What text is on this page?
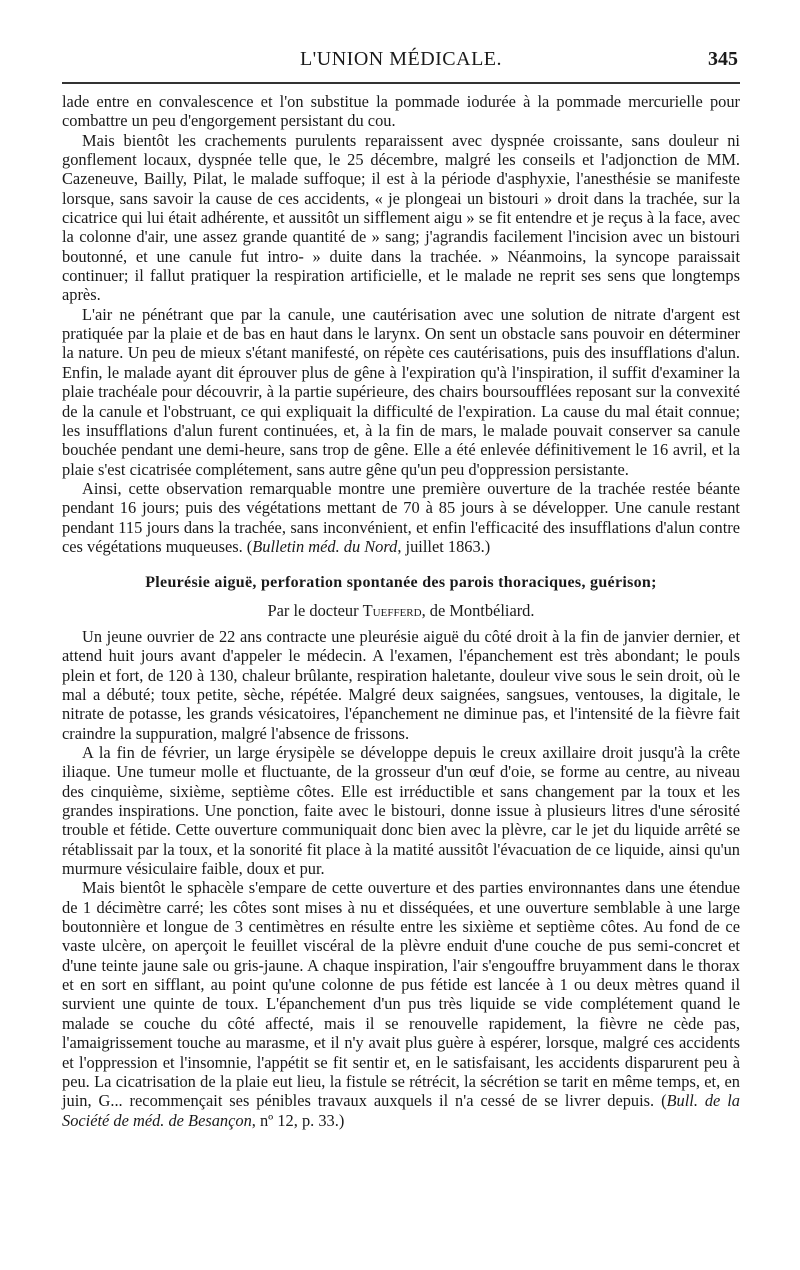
L'UNION MÉDICALE.	345

lade entre en convalescence et l'on substitue la pommade iodurée à la pommade mercurielle pour combattre un peu d'engorgement persistant du cou.

Mais bientôt les crachements purulents reparaissent avec dyspnée croissante, sans douleur ni gonflement locaux, dyspnée telle que, le 25 décembre, malgré les conseils et l'adjonction de MM. Cazeneuve, Bailly, Pilat, le malade suffoque; il est à la période d'asphyxie, l'anesthésie se manifeste lorsque, sans savoir la cause de ces accidents, « je plongeai un bistouri » droit dans la trachée, sur la cicatrice qui lui était adhérente, et aussitôt un sifflement aigu » se fit entendre et je reçus à la face, avec la colonne d'air, une assez grande quantité de » sang; j'agrandis facilement l'incision avec un bistouri boutonné, et une canule fut intro- » duite dans la trachée. » Néanmoins, la syncope paraissait continuer; il fallut pratiquer la respiration artificielle, et le malade ne reprit ses sens que longtemps après.

L'air ne pénétrant que par la canule, une cautérisation avec une solution de nitrate d'argent est pratiquée par la plaie et de bas en haut dans le larynx. On sent un obstacle sans pouvoir en déterminer la nature. Un peu de mieux s'étant manifesté, on répète ces cautérisations, puis des insufflations d'alun. Enfin, le malade ayant dit éprouver plus de gêne à l'expiration qu'à l'inspiration, il suffit d'examiner la plaie trachéale pour découvrir, à la partie supérieure, des chairs boursoufflées reposant sur la convexité de la canule et l'obstruant, ce qui expliquait la difficulté de l'expiration. La cause du mal était connue; les insufflations d'alun furent continuées, et, à la fin de mars, le malade pouvait conserver sa canule bouchée pendant une demi-heure, sans trop de gêne. Elle a été enlevée définitivement le 16 avril, et la plaie s'est cicatrisée complétement, sans autre gêne qu'un peu d'oppression persistante.

Ainsi, cette observation remarquable montre une première ouverture de la trachée restée béante pendant 16 jours; puis des végétations mettant de 70 à 85 jours à se développer. Une canule restant pendant 115 jours dans la trachée, sans inconvénient, et enfin l'efficacité des insufflations d'alun contre ces végétations muqueuses. (Bulletin méd. du Nord, juillet 1863.)

Pleurésie aiguë, perforation spontanée des parois thoraciques, guérison;

Par le docteur Tuefferd, de Montbéliard.

Un jeune ouvrier de 22 ans contracte une pleurésie aiguë du côté droit à la fin de janvier dernier, et attend huit jours avant d'appeler le médecin. A l'examen, l'épanchement est très abondant; le pouls plein et fort, de 120 à 130, chaleur brûlante, respiration haletante, douleur vive sous le sein droit, où le mal a débuté; toux petite, sèche, répétée. Malgré deux saignées, sangsues, ventouses, la digitale, le nitrate de potasse, les grands vésicatoires, l'épanchement ne diminue pas, et l'intensité de la fièvre fait craindre la suppuration, malgré l'absence de frissons.

A la fin de février, un large érysipèle se développe depuis le creux axillaire droit jusqu'à la crête iliaque. Une tumeur molle et fluctuante, de la grosseur d'un œuf d'oie, se forme au centre, au niveau des cinquième, sixième, septième côtes. Elle est irréductible et sans changement par la toux et les grandes inspirations. Une ponction, faite avec le bistouri, donne issue à plusieurs litres d'une sérosité trouble et fétide. Cette ouverture communiquait donc bien avec la plèvre, car le jet du liquide arrêté se rétablissait par la toux, et la sonorité fit place à la matité aussitôt l'évacuation de ce liquide, ainsi qu'un murmure vésiculaire faible, doux et pur.

Mais bientôt le sphacèle s'empare de cette ouverture et des parties environnantes dans une étendue de 1 décimètre carré; les côtes sont mises à nu et disséquées, et une ouverture semblable à une large boutonnière et longue de 3 centimètres en résulte entre les sixième et septième côtes. Au fond de ce vaste ulcère, on aperçoit le feuillet viscéral de la plèvre enduit d'une couche de pus semi-concret et d'une teinte jaune sale ou gris-jaune. A chaque inspiration, l'air s'engouffre bruyamment dans le thorax et en sort en sifflant, au point qu'une colonne de pus fétide est lancée à 1 ou deux mètres quand il survient une quinte de toux. L'épanchement d'un pus très liquide se vide complétement quand le malade se couche du côté affecté, mais il se renouvelle rapidement, la fièvre ne cède pas, l'amaigrissement touche au marasme, et il n'y avait plus guère à espérer, lorsque, malgré ces accidents et l'oppression et l'insomnie, l'appétit se fit sentir et, en le satisfaisant, les accidents disparurent peu à peu. La cicatrisation de la plaie eut lieu, la fistule se rétrécit, la sécrétion se tarit en même temps, et, en juin, G... recommençait ses pénibles travaux auxquels il n'a cessé de se livrer depuis. (Bull. de la Société de méd. de Besançon, nº 12, p. 33.)
